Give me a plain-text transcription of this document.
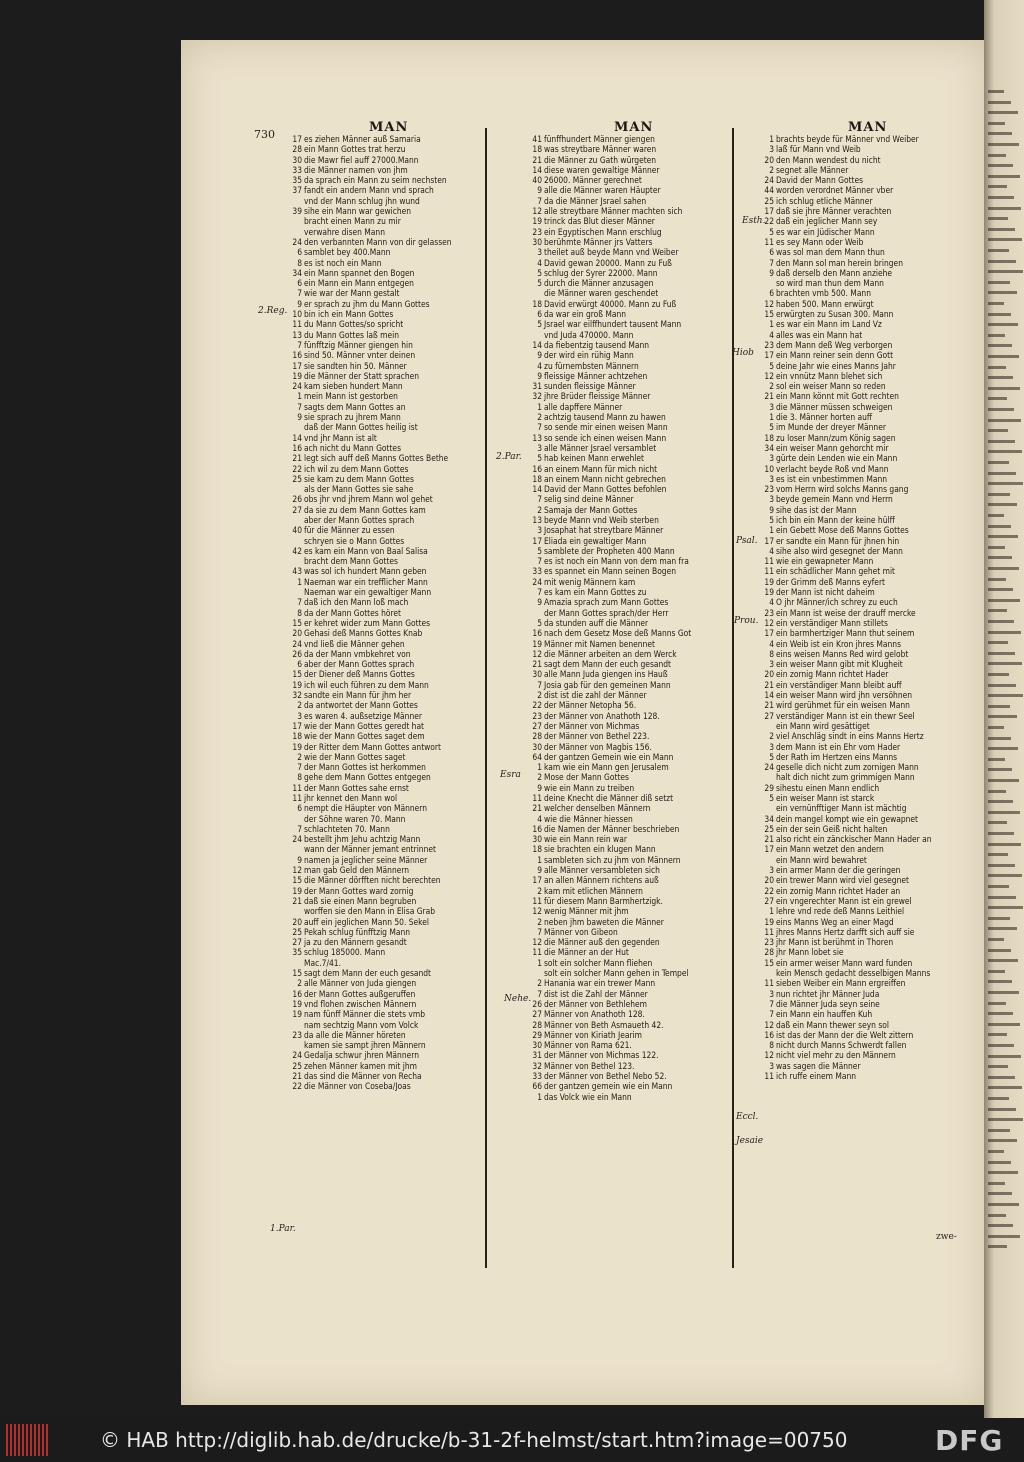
730	MAN
17 es ziehen Männer auß Samaria
28 ein Mann Gottes trat herzu
30 die Mawr fiel auff 27000.Mann
33 die Männer namen von jhm
35 da sprach ein Mann zu seim nechsten
37 fandt ein andern Mann vnd sprach
vnd der Mann schlug jhn wund
39 sihe ein Mann war gewichen
bracht einen Mann zu mir
verwahre disen Mann
24 den verbannten Mann von dir gelassen
6 samblet bey 400.Mann
8 es ist noch ein Mann
34 ein Mann spannet den Bogen
6 ein Mann ein Mann entgegen
7 wie war der Mann gestalt
9 er sprach zu jhm du Mann Gottes
10 bin ich ein Mann Gottes
11 du Mann Gottes/so spricht
13 du Mann Gottes laß mein
7 fünfftzig Männer giengen hin
16 sind 50. Männer vnter deinen
17 sie sandten hin 50. Männer
19 die Männer der Statt sprachen
24 kam sieben hundert Mann
1 mein Mann ist gestorben
7 sagts dem Mann Gottes an
9 sie sprach zu jhrem Mann
daß der Mann Gottes heilig ist
14 vnd jhr Mann ist alt
16 ach nicht du Mann Gottes
21 legt sich auff deß Manns Gottes Bethe
22 ich wil zu dem Mann Gottes
25 sie kam zu dem Mann Gottes
als der Mann Gottes sie sahe
26 obs jhr vnd jhrem Mann wol gehet
27 da sie zu dem Mann Gottes kam
aber der Mann Gottes sprach
40 für die Männer zu essen
schryen sie o Mann Gottes
42 es kam ein Mann von Baal Salisa
bracht dem Mann Gottes
43 was sol ich hundert Mann geben
1 Naeman war ein trefflicher Mann
Naeman war ein gewaltiger Mann
7 daß ich den Mann loß mach
8 da der Mann Gottes höret
15 er kehret wider zum Mann Gottes
20 Gehasi deß Manns Gottes Knab
24 vnd ließ die Männer gehen
26 da der Mann vmbkehret von
6 aber der Mann Gottes sprach
15 der Diener deß Manns Gottes
19 ich wil euch führen zu dem Mann
32 sandte ein Mann für jhm her
2 da antwortet der Mann Gottes
3 es waren 4. außsetzige Männer
17 wie der Mann Gottes geredt hat
18 wie der Mann Gottes saget dem
19 der Ritter dem Mann Gottes antwort
2 wie der Mann Gottes saget
7 der Mann Gottes ist herkommen
8 gehe dem Mann Gottes entgegen
11 der Mann Gottes sahe ernst
11 jhr kennet den Mann wol
6 nempt die Häupter von Männern
der Söhne waren 70. Mann
7 schlachteten 70. Mann
24 bestellt jhm Jehu achtzig Mann
wann der Männer jemant entrinnet
9 namen ja jeglicher seine Männer
12 man gab Geld den Männern
15 die Männer dörfften nicht berechten
19 der Mann Gottes ward zornig
21 daß sie einen Mann begruben
worffen sie den Mann in Elisa Grab
20 auff ein jeglichen Mann 50. Sekel
25 Pekah schlug fünfftzig Mann
27 ja zu den Männern gesandt
35 schlug 185000. Mann
Mac.7/41.
15 sagt dem Mann der euch gesandt
2 alle Männer von Juda giengen
16 der Mann Gottes außgeruffen
19 vnd flohen zwischen Männern
19 nam fünff Männer die stets vmb
nam sechtzig Mann vom Volck
23 da alle die Männer höreten
kamen sie sampt jhren Männern
24 Gedalja schwur jhren Männern
25 zehen Männer kamen mit jhm
21 das sind die Männer von Recha
22 die Männer von Coseba/Joas
MAN
41 fünffhundert Männer giengen
18 was streytbare Männer waren
21 die Männer zu Gath würgeten
14 diese waren gewaltige Männer
40 26000. Männer gerechnet
9 alle die Männer waren Häupter
7 da die Männer Jsrael sahen
12 alle streytbare Männer machten sich
19 trinck das Blut dieser Männer
23 ein Egyptischen Mann erschlug
30 berühmte Männer jrs Vatters
3 theilet auß beyde Mann vnd Weiber
4 David gewan 20000. Mann zu Fuß
5 schlug der Syrer 22000. Mann
5 durch die Männer anzusagen
die Männer waren geschendet
18 David erwürgt 40000. Mann zu Fuß
6 da war ein groß Mann
5 Jsrael war eilffhundert tausent Mann
vnd Juda 470000. Mann
14 da fiebentzig tausend Mann
9 der wird ein rühig Mann
4 zu fürnembsten Männern
9 fleissige Männer achtzehen
31 sunden fleissige Männer
32 jhre Brüder fleissige Männer
1 alle dapffere Männer
2 achtzig tausend Mann zu hawen
7 so sende mir einen weisen Mann
13 so sende ich einen weisen Mann
3 alle Männer Jsrael versamblet
5 hab keinen Mann erwehlet
16 an einem Mann für mich nicht
18 an einem Mann nicht gebrechen
14 David der Mann Gottes befohlen
7 selig sind deine Männer
2 Samaja der Mann Gottes
13 beyde Mann vnd Weib sterben
3 Josaphat hat streytbare Männer
17 Eliada ein gewaltiger Mann
5 samblete der Propheten 400 Mann
7 es ist noch ein Mann von dem man fra
33 es spannet ein Mann seinen Bogen
24 mit wenig Männern kam
7 es kam ein Mann Gottes zu
9 Amazia sprach zum Mann Gottes
der Mann Gottes sprach/der Herr
5 da stunden auff die Männer
16 nach dem Gesetz Mose deß Manns Got
19 Männer mit Namen benennet
12 die Männer arbeiten an dem Werck
21 sagt dem Mann der euch gesandt
30 alle Mann Juda giengen ins Hauß
7 Josia gab für den gemeinen Mann
2 dist ist die zahl der Männer
22 der Männer Netopha 56.
23 der Männer von Anathoth 128.
27 der Männer von Michmas
28 der Männer von Bethel 223.
30 der Männer von Magbis 156.
64 der gantzen Gemein wie ein Mann
1 kam wie ein Mann gen Jerusalem
2 Mose der Mann Gottes
9 wie ein Mann zu treiben
11 deine Knecht die Männer diß setzt
21 welcher denselben Männern
4 wie die Männer hiessen
16 die Namen der Männer beschrieben
30 wie ein Mann rein war
18 sie brachten ein klugen Mann
1 sambleten sich zu jhm von Männern
9 alle Männer versambleten sich
17 an allen Männern richtens auß
2 kam mit etlichen Männern
11 für diesem Mann Barmhertzigk.
12 wenig Männer mit jhm
2 neben jhm baweten die Männer
7 Männer von Gibeon
12 die Männer auß den gegenden
11 die Männer an der Hut
1 solt ein solcher Mann fliehen
solt ein solcher Mann gehen in Tempel
2 Hanania war ein trewer Mann
7 dist ist die Zahl der Männer
26 der Männer von Bethlehem
27 Männer von Anathoth 128.
28 Männer von Beth Asmaueth 42.
29 Männer von Kiriath Jearim
30 Männer von Rama 621.
31 der Männer von Michmas 122.
32 Männer von Bethel 123.
33 der Männer von Bethel Nebo 52.
66 der gantzen gemein wie ein Mann
1 das Volck wie ein Mann
MAN
1 brachts beyde für Männer vnd Weiber
3 laß für Mann vnd Weib
20 den Mann wendest du nicht
2 segnet alle Männer
24 David der Mann Gottes
44 worden verordnet Männer vber
25 ich schlug etliche Männer
17 daß sie jhre Männer verachten
22 daß ein jeglicher Mann sey
5 es war ein Jüdischer Mann
11 es sey Mann oder Weib
6 was sol man dem Mann thun
7 den Mann sol man herein bringen
9 daß derselb den Mann anziehe
so wird man thun dem Mann
6 brachten vmb 500. Mann
12 haben 500. Mann erwürgt
15 erwürgten zu Susan 300. Mann
1 es war ein Mann im Land Vz
4 alles was ein Mann hat
23 dem Mann deß Weg verborgen
17 ein Mann reiner sein denn Gott
5 deine Jahr wie eines Manns Jahr
12 ein vnnütz Mann blehet sich
2 sol ein weiser Mann so reden
21 ein Mann könnt mit Gott rechten
3 die Männer müssen schweigen
1 die 3. Männer horten auff
5 im Munde der dreyer Männer
18 zu loser Mann/zum König sagen
34 ein weiser Mann gehorcht mir
3 gürte dein Lenden wie ein Mann
10 verlacht beyde Roß vnd Mann
3 es ist ein vnbestimmen Mann
23 vom Herrn wird solchs Manns gang
3 beyde gemein Mann vnd Herrn
9 sihe das ist der Mann
5 ich bin ein Mann der keine hülff
1 ein Gebett Mose deß Manns Gottes
17 er sandte ein Mann für jhnen hin
4 sihe also wird gesegnet der Mann
11 wie ein gewapneter Mann
11 ein schädlicher Mann gehet mit
19 der Grimm deß Manns eyfert
19 der Mann ist nicht daheim
4 O jhr Männer/ich schrey zu euch
23 ein Mann ist weise der drauff mercke
12 ein verständiger Mann stillets
17 ein barmhertziger Mann thut seinem
4 ein Weib ist ein Kron jhres Manns
8 eins weisen Manns Red wird gelobt
3 ein weiser Mann gibt mit Klugheit
20 ein zornig Mann richtet Hader
21 ein verständiger Mann bleibt auff
14 ein weiser Mann wird jhn versöhnen
21 wird gerühmet für ein weisen Mann
27 verständiger Mann ist ein thewr Seel
ein Mann wird gesättiget
2 viel Anschläg sindt in eins Manns Hertz
3 dem Mann ist ein Ehr vom Hader
5 der Rath im Hertzen eins Manns
24 geselle dich nicht zum zornigen Mann
halt dich nicht zum grimmigen Mann
29 sihestu einen Mann endlich
5 ein weiser Mann ist starck
ein vernünfftiger Mann ist mächtig
34 dein mangel kompt wie ein gewapnet
25 ein der sein Geiß nicht halten
21 also richt ein zänckischer Mann Hader an
17 ein Mann wetzet den andern
ein Mann wird bewahret
3 ein armer Mann der die geringen
20 ein trewer Mann wird viel gesegnet
22 ein zornig Mann richtet Hader an
27 ein vngerechter Mann ist ein grewel
1 lehre vnd rede deß Manns Leithiel
19 eins Manns Weg an einer Magd
11 jhres Manns Hertz darfft sich auff sie
23 jhr Mann ist berühmt in Thoren
28 jhr Mann lobet sie
15 ein armer weiser Mann ward funden
kein Mensch gedacht desselbigen Manns
11 sieben Weiber ein Mann ergreiffen
3 nun richtet jhr Männer Juda
7 die Männer Juda seyn seine
7 ein Mann ein hauffen Kuh
12 daß ein Mann thewer seyn sol
16 ist das der Mann der die Welt zittern
8 nicht durch Manns Schwerdt fallen
12 nicht viel mehr zu den Männern
3 was sagen die Männer
11 ich ruffe einem Mann
2.Reg.
1.Par.
2.Par.
Esra
Nehe.
Esth.
Hiob
Psal.
Prou.
Eccl.
Jesaie
zwe-
© HAB http://diglib.hab.de/drucke/b-31-2f-helmst/start.htm?image=00750	DFG
